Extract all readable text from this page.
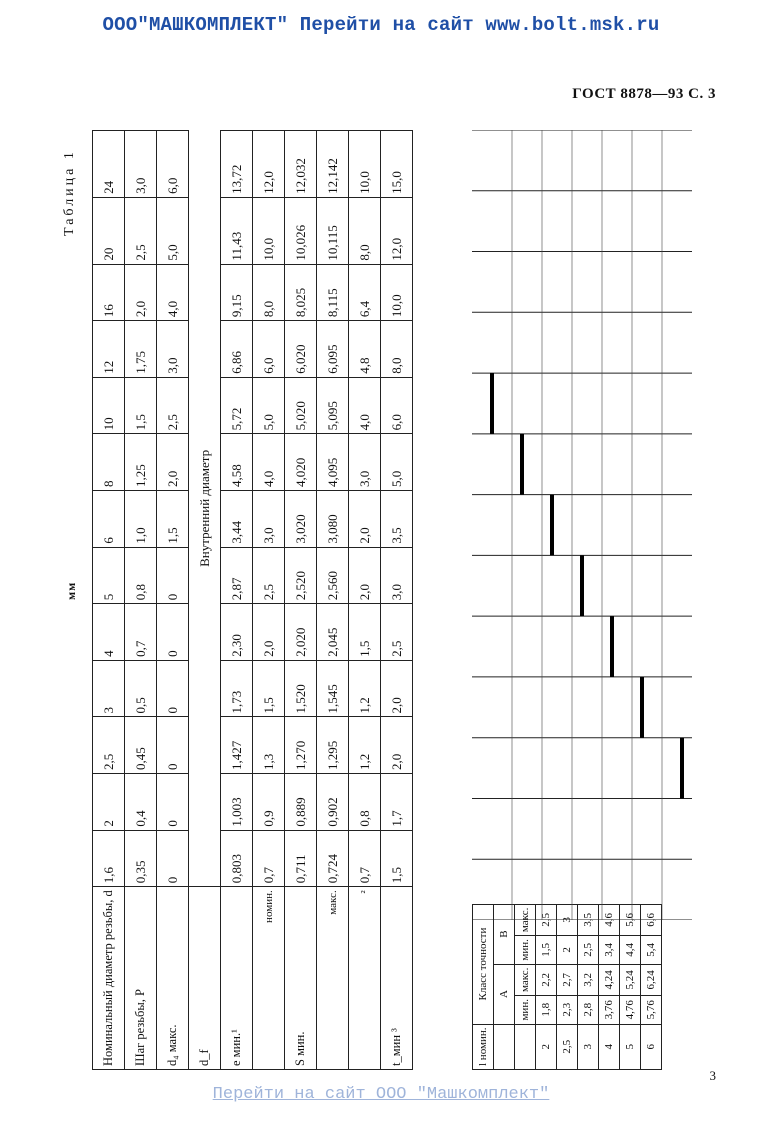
ООО"МАШКОМПЛЕКТ" Перейти на сайт www.bolt.msk.ru
ГОСТ 8878—93 С. 3
Таблица 1
мм
Номинальный диаметр резьбы, d	1,6	2	2,5	3	4	5	6	8	10	12	16	20	24
Шаг резьбы, P	0,35	0,4	0,45	0,5	0,7	0,8	1,0	1,25	1,5	1,75	2,0	2,5	3,0
d₄ макс.	0	0	0	0	0	0	1,5	2,0	2,5	3,0	4,0	5,0	6,0
d_f	Внутренний диаметр												
e мин.¹	0,803	1,003	1,427	1,73	2,30	2,87	3,44	4,58	5,72	6,86	9,15	11,43	13,72
номин.	0,7	0,9	1,3	1,5	2,0	2,5	3,0	4,0	5,0	6,0	8,0	10,0	12,0
S мин.	0,711	0,889	1,270	1,520	2,020	2,520	3,020	4,020	5,020	6,020	8,025	10,026	12,032
макс.	0,724	0,902	1,295	1,545	2,045	2,560	3,080	4,095	5,095	6,095	8,115	10,115	12,142
²	0,7	0,8	1,2	1,2	1,5	2,0	2,0	3,0	4,0	4,8	6,4	8,0	10,0
t_мин ³	1,5	1,7	2,0	2,0	2,5	3,0	3,5	5,0	6,0	8,0	10,0	12,0	15,0
l номин.	Класс точности			
	A		B	
	мин.	макс.	мин.	макс.
2	1,8	2,2	1,5	2,5
2,5	2,3	2,7	2	3
3	2,8	3,2	2,5	3,5
4	3,76	4,24	3,4	4,6
5	4,76	5,24	4,4	5,6
6	5,76	6,24	5,4	6,6
3
Перейти на сайт ООО "Машкомплект"
